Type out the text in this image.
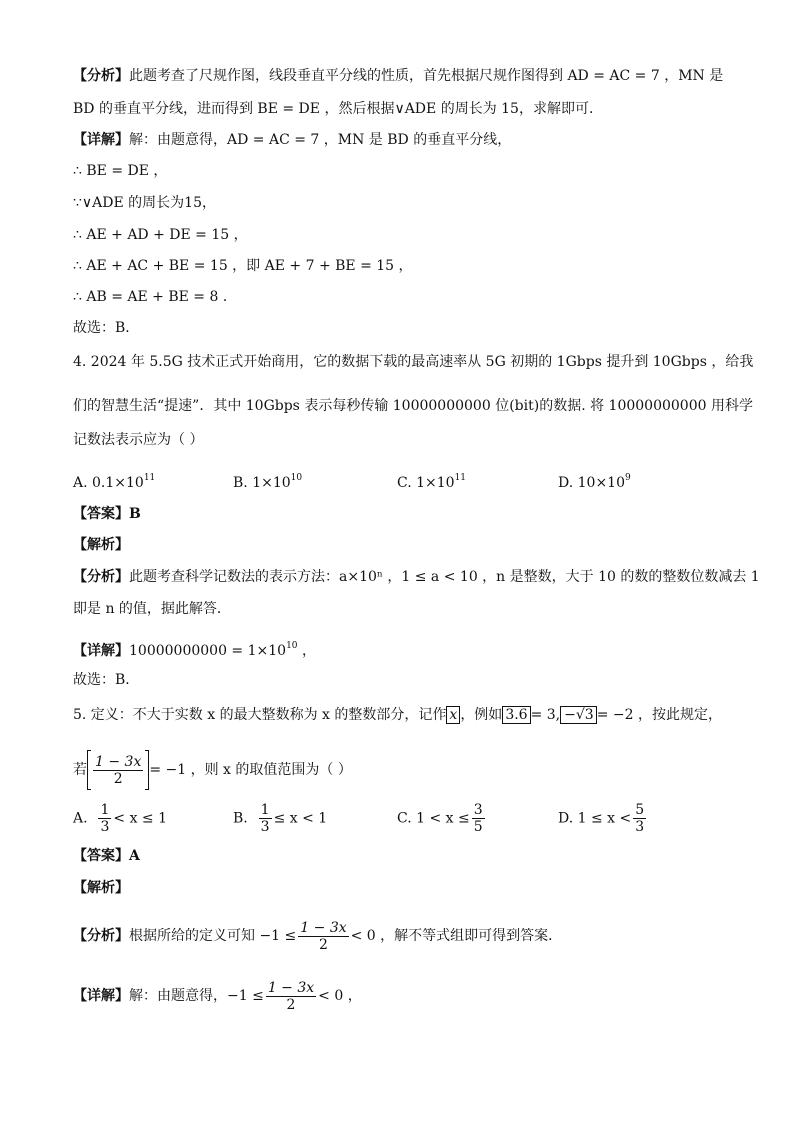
【分析】此题考查了尺规作图，线段垂直平分线的性质，首先根据尺规作图得到 AD = AC = 7 ，MN 是
BD 的垂直平分线，进而得到 BE = DE ，然后根据∨ADE 的周长为 15，求解即可．
【详解】解：由题意得，AD = AC = 7 ，MN 是 BD 的垂直平分线，
∴ BE = DE ，
∵∨ADE 的周长为15，
∴ AE + AD + DE = 15 ，
∴ AE + AC + BE = 15 ，即 AE + 7 + BE = 15 ，
∴ AB = AE + BE = 8 ．
故选：B．
4. 2024 年 5.5G 技术正式开始商用，它的数据下载的最高速率从 5G 初期的 1Gbps 提升到 10Gbps ，给我
们的智慧生活“提速”．其中 10Gbps 表示每秒传输 10000000000 位(bit)的数据. 将 10000000000 用科学
记数法表示应为（ ）
A. $0.1\times 10^{11}$	B. $1\times 10^{10}$	C. $1\times 10^{11}$	D. $10\times 10^9$
【答案】B
【解析】
【分析】此题考查科学记数法的表示方法：a×10ⁿ ，1 ≤ a < 10 ，n 是整数，大于 10 的数的整数位数减去 1
即是 n 的值，据此解答．
【详解】$10000000000 = 1\times 10^{10}$ ，
故选：B．
5. 定义：不大于实数 x 的最大整数称为 x 的整数部分，记作 x ，例如 3.6 = 3, −√3 = −2 ，按此规定，
若 $\frac{1 - 3x}{2} = -1$ ，则 x 的取值范围为（ ）
A. $\frac{1}{3} < x \le 1$	B. $\frac{1}{3} \le x < 1$	C. $1 < x \le \frac{3}{5}$	D. $1 \le x < \frac{5}{3}$
【答案】A
【解析】
【分析】根据所给的定义可知 $-1 \le \frac{1 - 3x}{2} < 0$ ，解不等式组即可得到答案．
【详解】解：由题意得，$-1 \le \frac{1 - 3x}{2} < 0$ ，
